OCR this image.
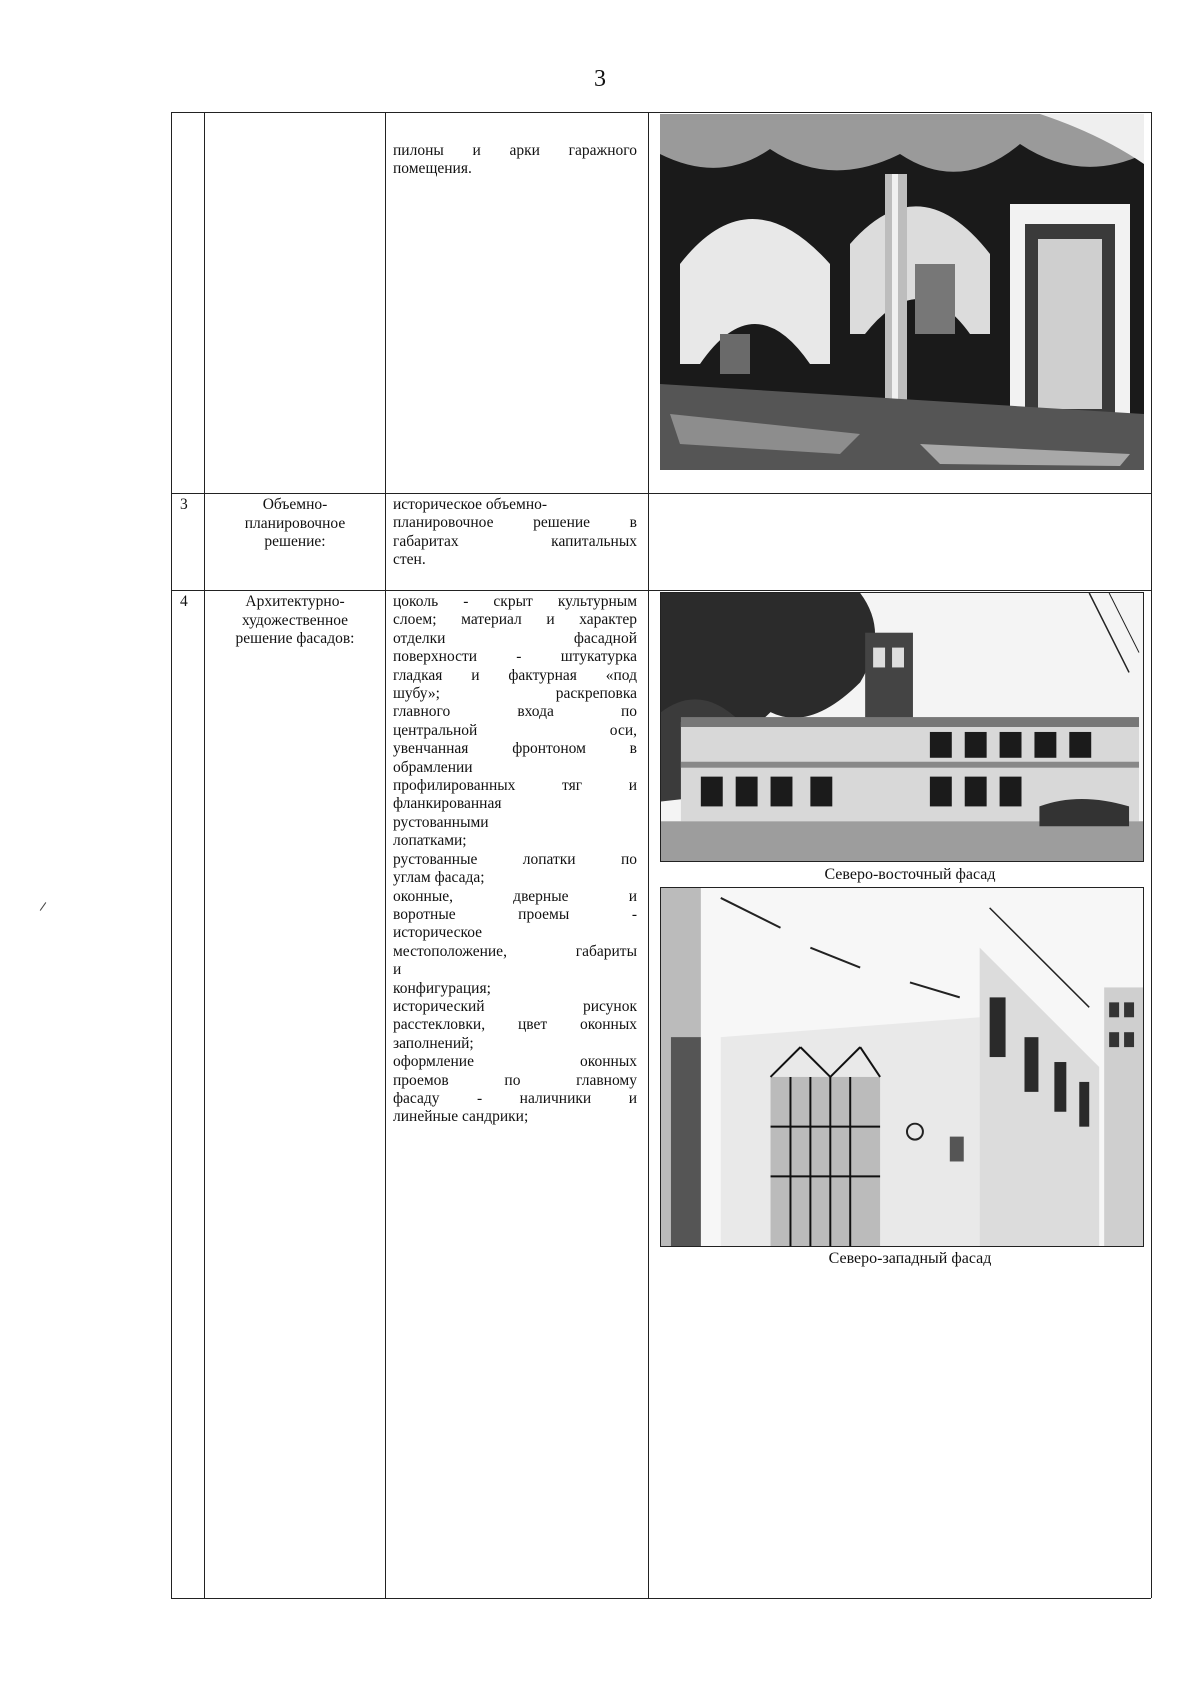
3
пилоны и арки гаражного помещения.
3	Объемно-
планировочное
решение:
историческое объемно-
планировочное решение в
габаритах капитальных
стен.
4	Архитектурно-
художественное
решение фасадов:
цоколь - скрыт культурным
слоем; материал и характер
отделки фасадной
поверхности - штукатурка
гладкая и фактурная «под
шубу»; раскреповка
главного входа по
центральной оси,
увенчанная фронтоном в
обрамлении
профилированных тяг и
фланкированная
рустованными
лопатками;
рустованные лопатки по
углам фасада;
оконные, дверные и
воротные проемы -
историческое
местоположение, габариты
и
конфигурация;
исторический рисунок
расстекловки, цвет оконных
заполнений;
оформление оконных
проемов по главному
фасаду - наличники и
линейные сандрики;
Северо-восточный фасад
Северо-западный фасад
